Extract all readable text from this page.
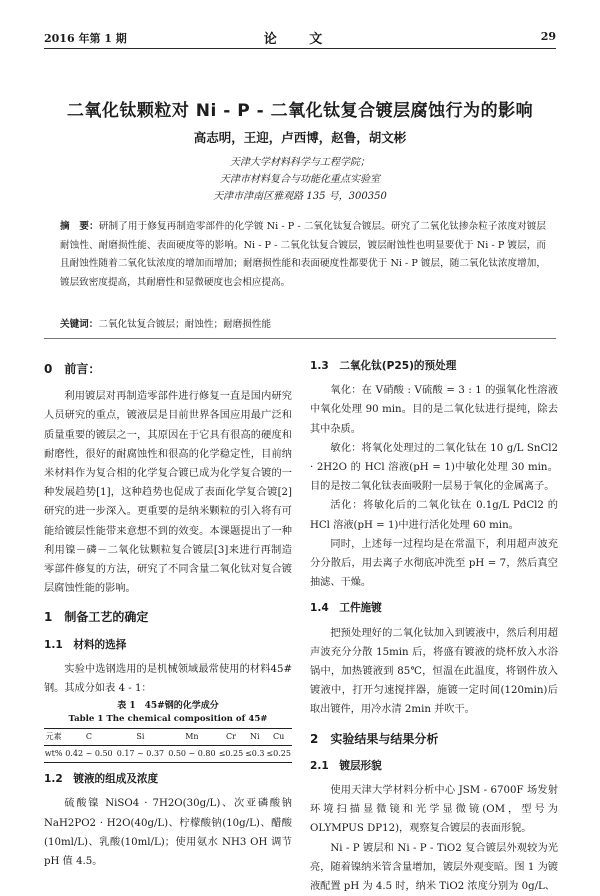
2016 年第 1 期	论 文	29
二氧化钛颗粒对 Ni - P - 二氧化钛复合镀层腐蚀行为的影响
高志明，王迎，卢西博，赵鲁，胡文彬
天津大学材料科学与工程学院；
天津市材料复合与功能化重点实验室
天津市津南区雅观路 135 号，300350
摘　要：研制了用于修复再制造零部件的化学镀 Ni - P - 二氧化钛复合镀层。研究了二氧化钛掺杂粒子浓度对镀层耐蚀性、耐磨损性能、表面硬度等的影响。Ni - P - 二氧化钛复合镀层，镀层耐蚀性也明显要优于 Ni - P 镀层，而且耐蚀性随着二氧化钛浓度的增加而增加；耐磨损性能和表面硬度性都要优于 Ni - P 镀层，随二氧化钛浓度增加，镀层致密度提高，其耐磨性和显微硬度也会相应提高。
关键词：二氧化钛复合镀层；耐蚀性；耐磨损性能
0　前言：

利用镀层对再制造零部件进行修复一直是国内研究人员研究的重点，镀液层是目前世界各国应用最广泛和质量重要的镀层之一，其原因在于它具有很高的硬度和耐磨性，很好的耐腐蚀性和很高的化学稳定性，目前纳米材料作为复合相的化学复合镀已成为化学复合镀的一种发展趋势[1]，这种趋势也促成了表面化学复合镀[2]研究的进一步深入。更重要的是纳米颗粒的引入将有可能给镀层性能带来意想不到的效变。本课题提出了一种利用镍－磷－二氧化钛颗粒复合镀层[3]来进行再制造零部件修复的方法，研究了不同含量二氧化钛对复合镀层腐蚀性能的影响。

1　制备工艺的确定
1.1　材料的选择

实验中选钢选用的是机械领域最常使用的材料45#钢。其成分如表 4 - 1：

表 1　45#钢的化学成分
Table 1 The chemical composition of 45#
元素	C	Si	Mn	Cr	Ni	Cu
wt%	0.42 ~ 0.50	0.17 ~ 0.37	0.50 ~ 0.80	≤0.25	≤0.3	≤0.25
1.2　镀液的组成及浓度

硫酸镍 NiSO4 · 7H2O(30g/L)、次亚磷酸钠 NaH2PO2 · H2O(40g/L)、柠檬酸钠(10g/L)、醋酸(10ml/L)、乳酸(10ml/L)；使用氨水 NH3 OH 调节 pH 值 4.5。

1.3　二氧化钛(P25)的预处理

氧化：在 V硝酸 : V硫酸 = 3 : 1 的强氧化性溶液中氧化处理 90 min。目的是二氧化钛进行提纯，除去其中杂质。

敏化：将氧化处理过的二氧化钛在 10 g/L SnCl2 · 2H2O 的 HCl 溶液(pH = 1)中敏化处理 30 min。目的是按二氧化钛表面吸附一层易于氧化的金属离子。

活化：将敏化后的二氧化钛在 0.1g/L PdCl2 的 HCl 溶液(pH = 1)中进行活化处理 60 min。

同时，上述每一过程均是在常温下，利用超声波充分分散后，用去离子水彻底冲洗至 pH = 7，然后真空抽滤、干燥。

1.4　工件施镀

把预处理好的二氧化钛加入到镀液中，然后利用超声波充分分散 15min 后，将盛有镀液的烧杯放入水浴锅中，加热镀液到 85℃，恒温在此温度，将钢件放入镀液中，打开匀速搅拌器，施镀一定时间(120min)后取出镀件，用冷水清 2min 并吹干。

2　实验结果与结果分析
2.1　镀层形貌

使用天津大学材料分析中心 JSM - 6700F 场发射环境扫描显微镜和光学显微镜(OM，型号为 OLYMPUS DP12)，观察复合镀层的表面形貌。

Ni - P 镀层和 Ni - P - TiO2 复合镀层外观较为光亮，随着镍纳米管含量增加，镀层外观变暗。图 1 为镀液配置 pH 为 4.5 时，纳米 TiO2 浓度分别为 0g/L、
